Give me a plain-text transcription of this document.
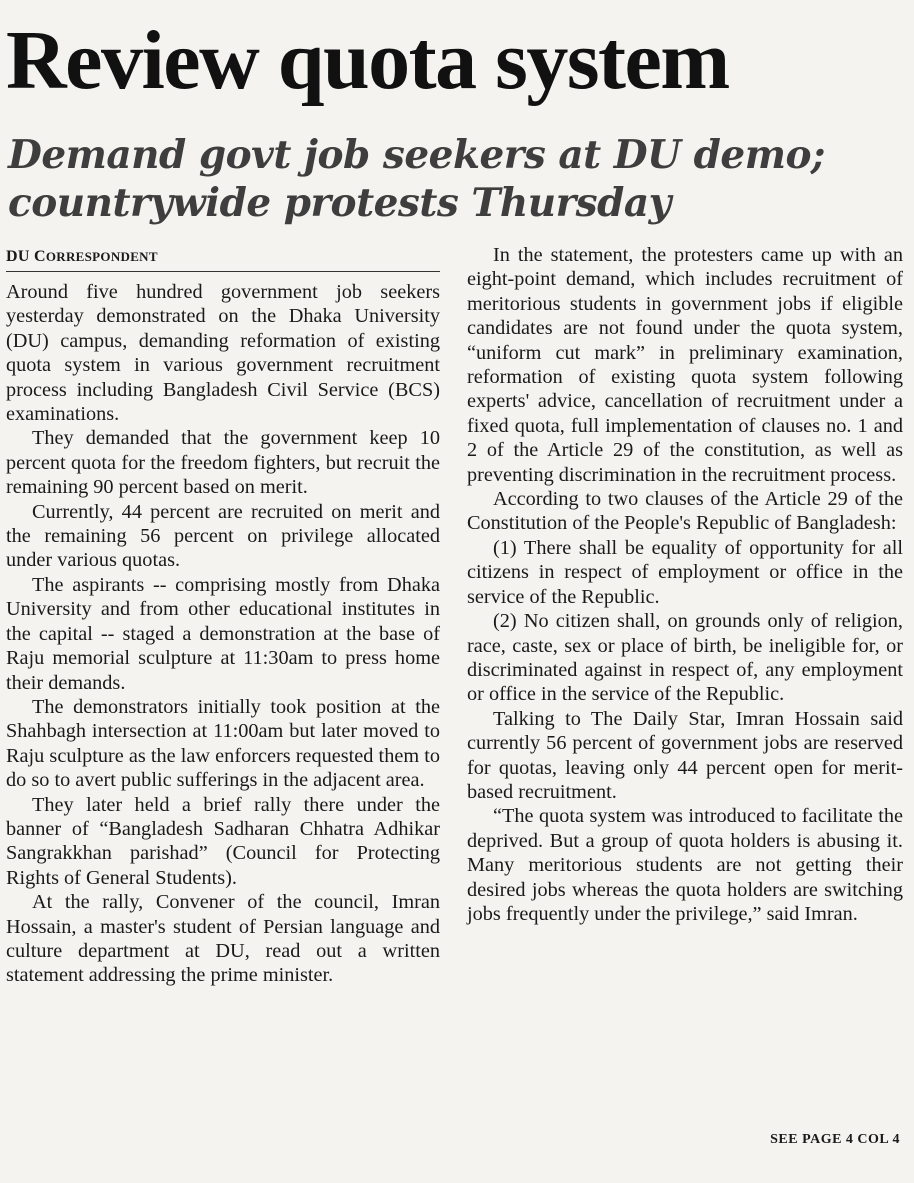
Review quota system
Demand govt job seekers at DU demo;
countrywide protests Thursday
DU CORRESPONDENT

Around five hundred government job seekers yesterday demonstrated on the Dhaka University (DU) campus, demanding reformation of existing quota system in various government recruitment process including Bangladesh Civil Service (BCS) examinations.

They demanded that the government keep 10 percent quota for the freedom fighters, but recruit the remaining 90 percent based on merit.

Currently, 44 percent are recruited on merit and the remaining 56 percent on privilege allocated under various quotas.

The aspirants -- comprising mostly from Dhaka University and from other educational institutes in the capital -- staged a demonstration at the base of Raju memorial sculpture at 11:30am to press home their demands.

The demonstrators initially took position at the Shahbagh intersection at 11:00am but later moved to Raju sculpture as the law enforcers requested them to do so to avert public sufferings in the adjacent area.

They later held a brief rally there under the banner of “Bangladesh Sadharan Chhatra Adhikar Sangrakkhan parishad” (Council for Protecting Rights of General Students).

At the rally, Convener of the council, Imran Hossain, a master's student of Persian language and culture department at DU, read out a written statement addressing the prime minister.

In the statement, the protesters came up with an eight-point demand, which includes recruitment of meritorious students in government jobs if eligible candidates are not found under the quota system, “uniform cut mark” in preliminary examination, reformation of existing quota system following experts' advice, cancellation of recruitment under a fixed quota, full implementation of clauses no. 1 and 2 of the Article 29 of the constitution, as well as preventing discrimination in the recruitment process.

According to two clauses of the Article 29 of the Constitution of the People's Republic of Bangladesh:

(1) There shall be equality of opportunity for all citizens in respect of employment or office in the service of the Republic.

(2) No citizen shall, on grounds only of religion, race, caste, sex or place of birth, be ineligible for, or discriminated against in respect of, any employment or office in the service of the Republic.

Talking to The Daily Star, Imran Hossain said currently 56 percent of government jobs are reserved for quotas, leaving only 44 percent open for merit-based recruitment.

“The quota system was introduced to facilitate the deprived. But a group of quota holders is abusing it. Many meritorious students are not getting their desired jobs whereas the quota holders are switching jobs frequently under the privilege,” said Imran.

SEE PAGE 4 COL 4
